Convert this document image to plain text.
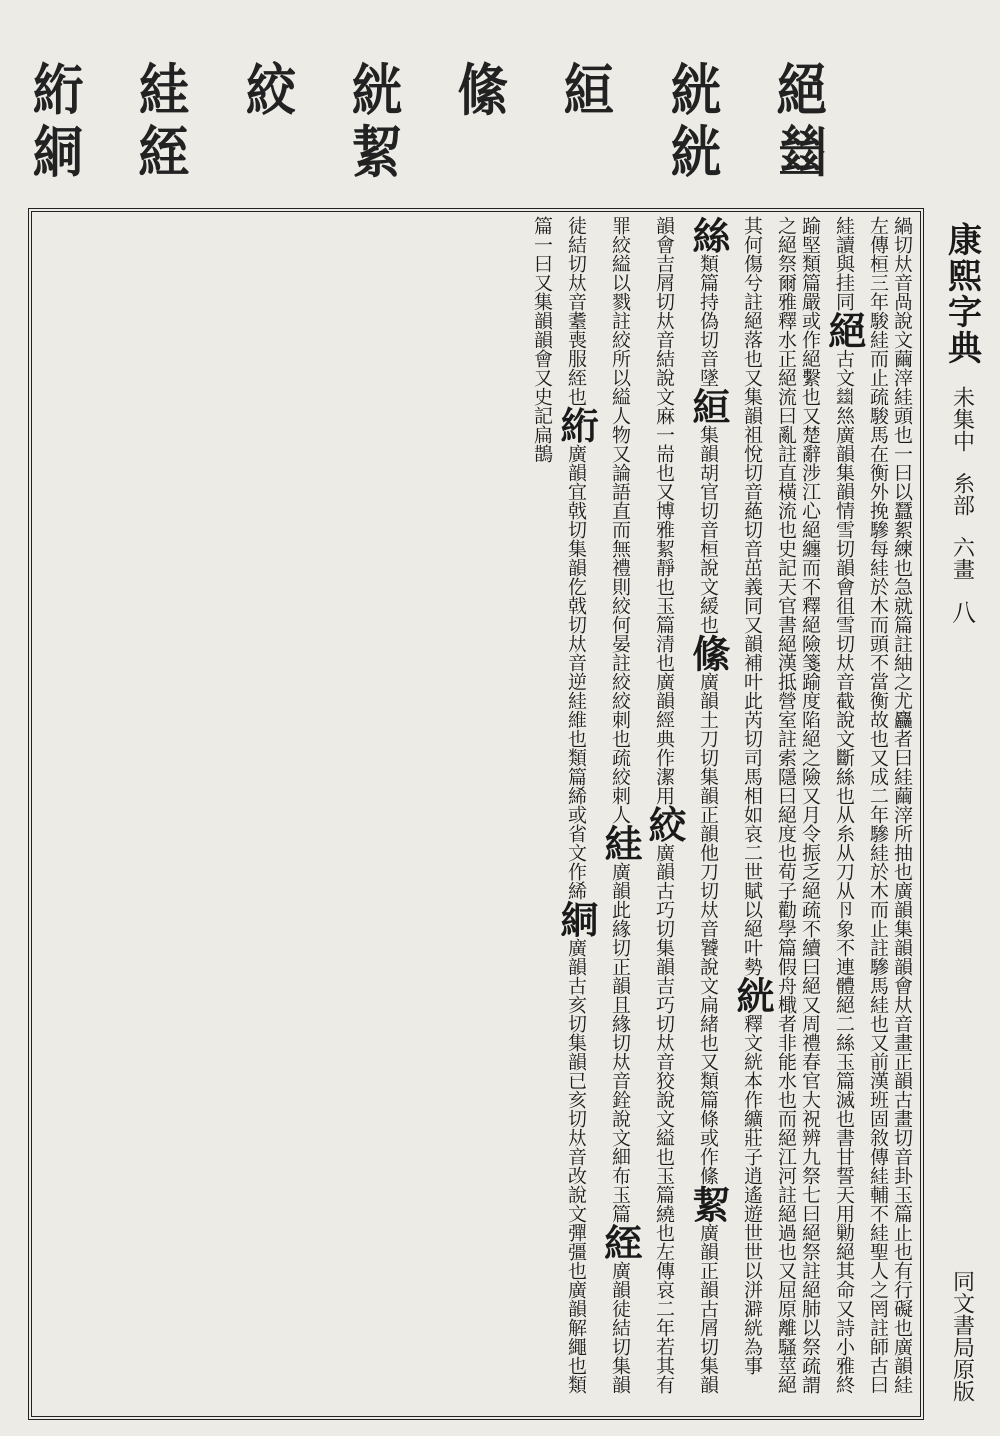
絕
𢇍
絖
絖
絙
絛
絖
絜
絞
絓
絰
絎
絧
康熙字典
未集中
糸部
六畫
八
同文書局原版
緺切夶音咼說文繭滓絓頭也一曰以蠶絮練也急就篇註紬之尤麤者曰絓繭滓所抽也廣韻集韻韻會夶音畫正韻古畫切音卦玉篇止也有行礙也廣韻絓左傳桓三年駿絓而止疏駿馬在衡外挽驂每絓於木而頭不當衡故也又成二年驂絓於木而止註驂馬絓也又前漢班固敘傳絓輔不絓聖人之罔註師古曰絓讀與挂同絕古文𢇍𢇁廣韻集韻情雪切韻會徂雪切夶音截說文斷絲也从糸从刀从卪象不連體絕二絲玉篇滅也書甘誓天用勦絕其命又詩小雅終踰堅類篇嚴或作絕繫也又楚辭涉江心絕纏而不釋絕險箋踰度陷絕之險又月令振乏絕疏不續曰絕又周禮春官大祝辨九祭七曰絕祭註絕肺以祭疏謂之絕祭爾雅釋水正絕流曰亂註直橫流也史記天官書絕漢抵營室註索隱曰絕度也荀子勸學篇假舟檝者非能水也而絕江河註絕過也又屈原離騷莖絕其何傷兮註絕落也又集韻祖悅切音蕝切音茁義同又韻補叶此芮切司馬相如哀二世賦以絕叶勢絖釋文絖本作纊莊子逍遙遊世世以洴澼絖為事絲類篇持偽切音墜絙集韻胡官切音桓說文緩也絛廣韻土刀切集韻正韻他刀切夶音饕說文扁緒也又類篇條或作絛絜廣韻正韻古屑切集韻韻會吉屑切夶音結說文麻一耑也又博雅絜靜也玉篇清也廣韻經典作潔用絞廣韻古巧切集韻吉巧切夶音狡說文縊也玉篇繞也左傳哀二年若其有罪絞縊以戮註絞所以縊人物又論語直而無禮則絞何晏註絞絞刺也疏絞刺人絓廣韻此緣切正韻且緣切夶音銓說文細布玉篇絰廣韻徒結切集韻徒結切夶音耋喪服絰也絎廣韻宜戟切集韻仡戟切夶音逆絓維也類篇絺或省文作絺絧廣韻古亥切集韻已亥切夶音改說文彈彊也廣韻解繩也類篇一曰又集韻韻會又史記扁鵲
